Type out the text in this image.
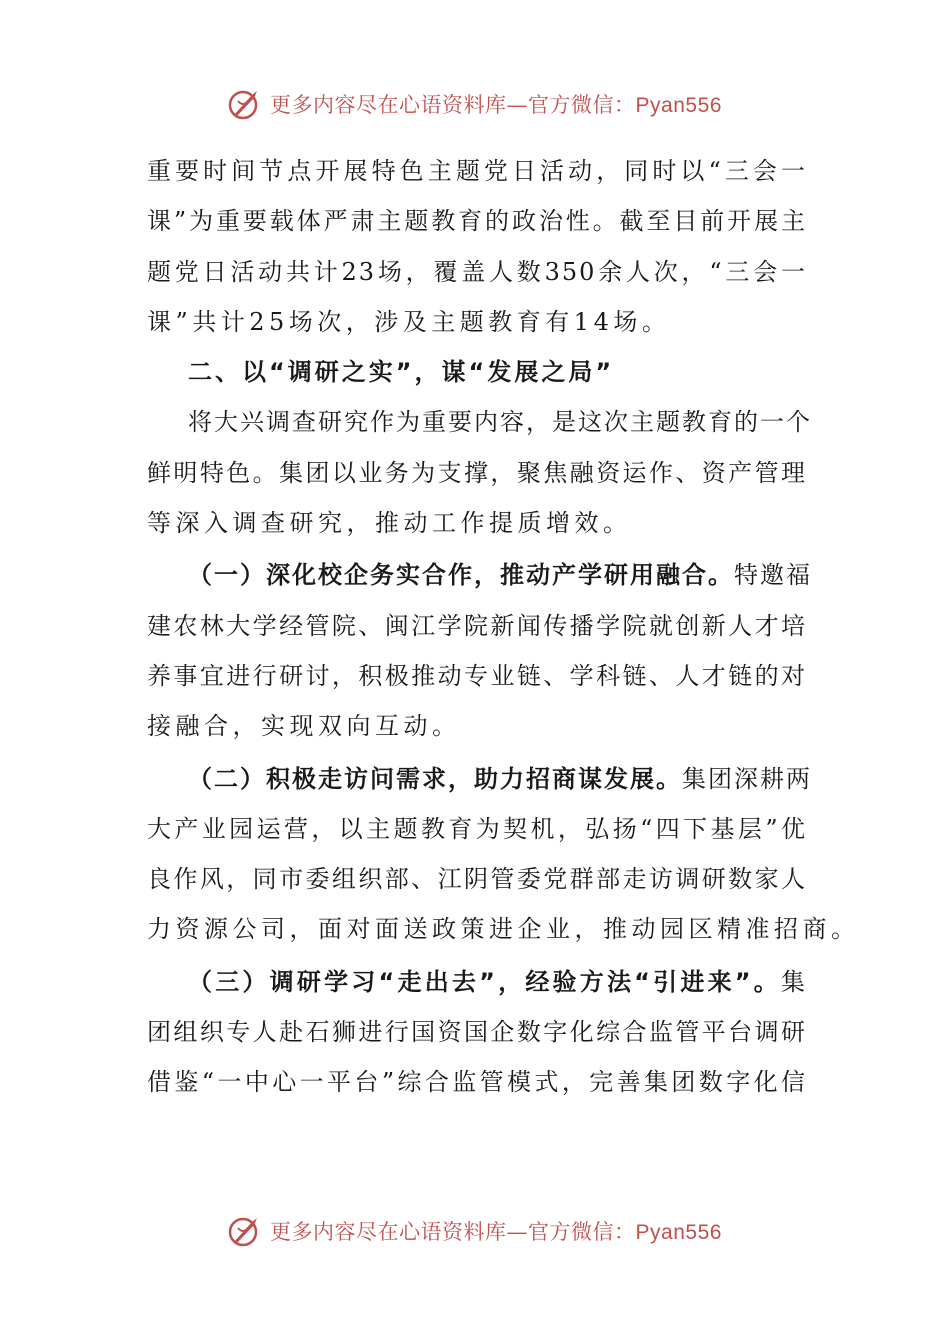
更多内容尽在心语资料库—官方微信：Pyan556
重要时间节点开展特色主题党日活动，同时以“三会一
课”为重要载体严肃主题教育的政治性。截至目前开展主
题党日活动共计23场，覆盖人数350余人次，“三会一
课”共计25场次，涉及主题教育有14场。
二、以“调研之实”，谋“发展之局”
将大兴调查研究作为重要内容，是这次主题教育的一个
鲜明特色。集团以业务为支撑，聚焦融资运作、资产管理
等深入调查研究，推动工作提质增效。
（一）深化校企务实合作，推动产学研用融合。特邀福
建农林大学经管院、闽江学院新闻传播学院就创新人才培
养事宜进行研讨，积极推动专业链、学科链、人才链的对
接融合，实现双向互动。
（二）积极走访问需求，助力招商谋发展。集团深耕两
大产业园运营，以主题教育为契机，弘扬“四下基层”优
良作风，同市委组织部、江阴管委党群部走访调研数家人
力资源公司，面对面送政策进企业，推动园区精准招商。
（三）调研学习“走出去”，经验方法“引进来”。集
团组织专人赴石狮进行国资国企数字化综合监管平台调研
借鉴“一中心一平台”综合监管模式，完善集团数字化信
更多内容尽在心语资料库—官方微信：Pyan556
